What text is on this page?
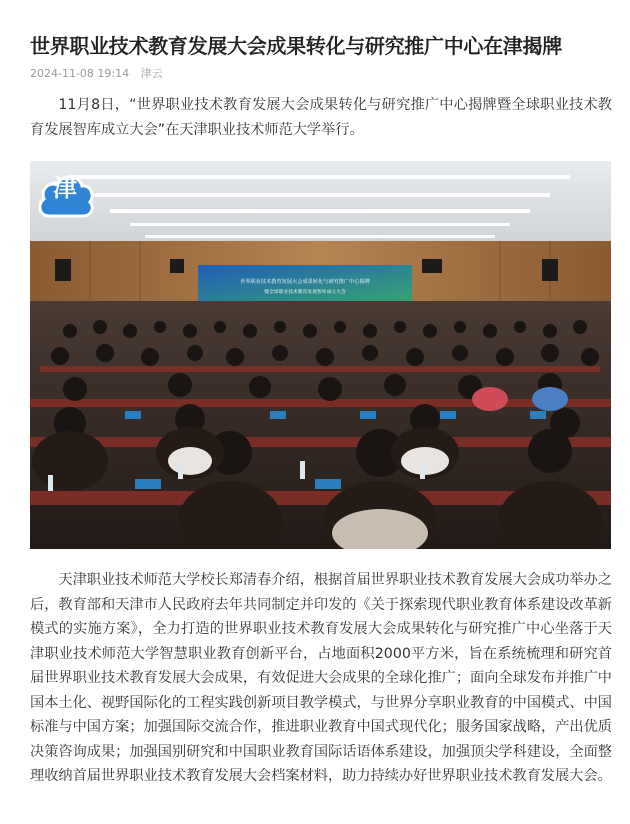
世界职业技术教育发展大会成果转化与研究推广中心在津揭牌
2024-11-08 19:14 津云

11月8日，“世界职业技术教育发展大会成果转化与研究推广中心揭牌暨全球职业技术教育发展智库成立大会”在天津职业技术师范大学举行。

世界职业技术教育发展大会成果转化与研究推广中心揭牌
暨全球职业技术教育发展智库成立大会
津

天津职业技术师范大学校长郑清春介绍，根据首届世界职业技术教育发展大会成功举办之后，教育部和天津市人民政府去年共同制定并印发的《关于探索现代职业教育体系建设改革新模式的实施方案》，全力打造的世界职业技术教育发展大会成果转化与研究推广中心坐落于天津职业技术师范大学智慧职业教育创新平台，占地面积2000平方米，旨在系统梳理和研究首届世界职业技术教育发展大会成果，有效促进大会成果的全球化推广；面向全球发布并推广中国本土化、视野国际化的工程实践创新项目教学模式，与世界分享职业教育的中国模式、中国标准与中国方案；加强国际交流合作，推进职业教育中国式现代化；服务国家战略，产出优质决策咨询成果；加强国别研究和中国职业教育国际话语体系建设，加强顶尖学科建设，全面整理收纳首届世界职业技术教育发展大会档案材料，助力持续办好世界职业技术教育发展大会。
